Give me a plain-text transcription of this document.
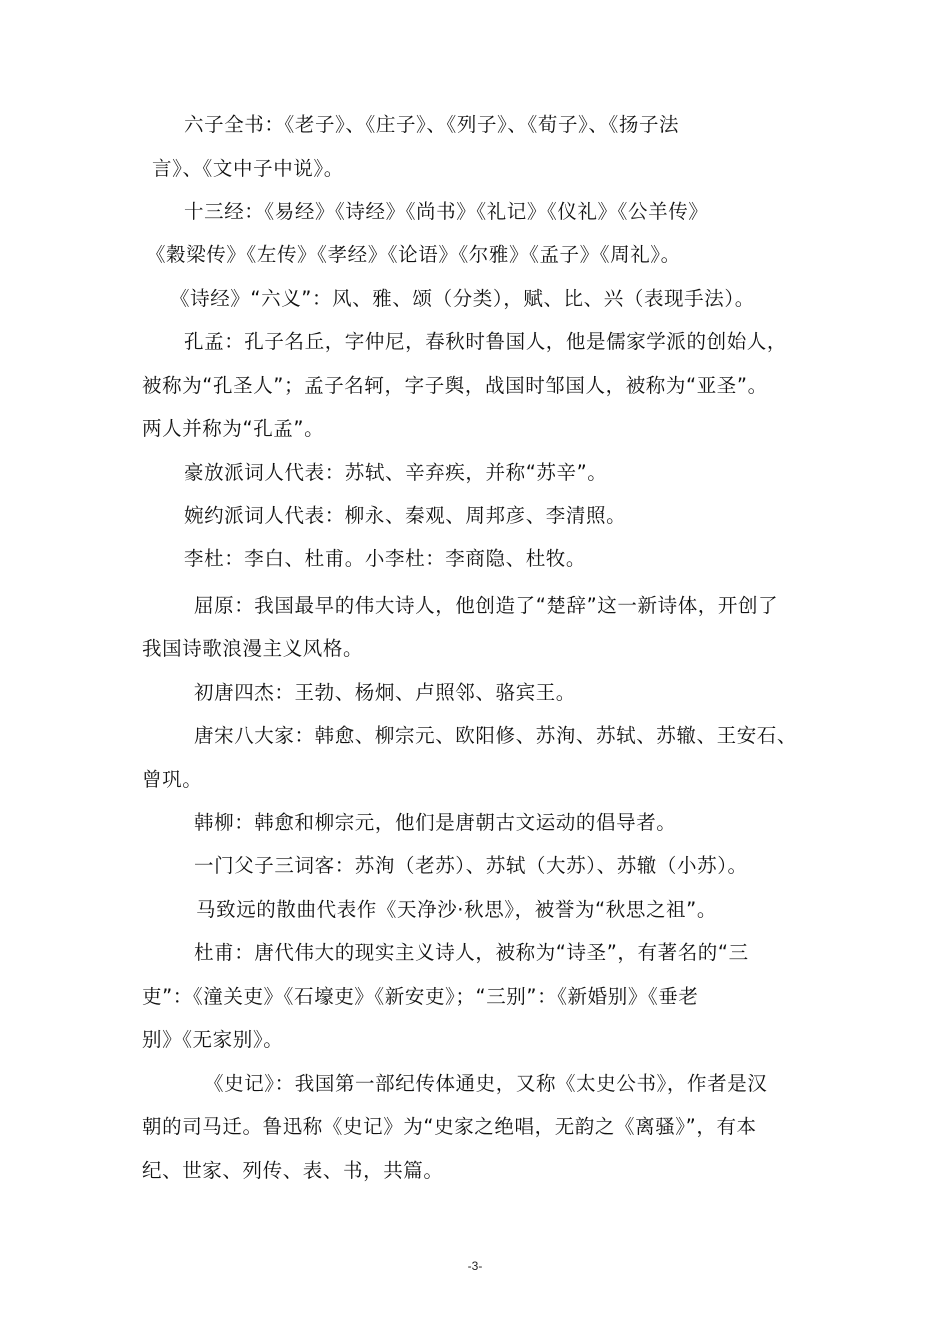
六子全书：《老子》、《庄子》、《列子》、《荀子》、《扬子法
言》、《文中子中说》。
十三经：《易经》《诗经》《尚书》《礼记》《仪礼》《公羊传》
《穀梁传》《左传》《孝经》《论语》《尔雅》《孟子》《周礼》。
《诗经》“六义”：风、雅、颂（分类），赋、比、兴（表现手法）。
孔孟：孔子名丘，字仲尼，春秋时鲁国人，他是儒家学派的创始人，
被称为“孔圣人”；孟子名轲，字子舆，战国时邹国人，被称为“亚圣”。
两人并称为“孔孟”。
豪放派词人代表：苏轼、辛弃疾，并称“苏辛”。
婉约派词人代表：柳永、秦观、周邦彦、李清照。
李杜：李白、杜甫。小李杜：李商隐、杜牧。
屈原：我国最早的伟大诗人，他创造了“楚辞”这一新诗体，开创了
我国诗歌浪漫主义风格。
初唐四杰：王勃、杨炯、卢照邻、骆宾王。
唐宋八大家：韩愈、柳宗元、欧阳修、苏洵、苏轼、苏辙、王安石、
曾巩。
韩柳：韩愈和柳宗元，他们是唐朝古文运动的倡导者。
一门父子三词客：苏洵（老苏）、苏轼（大苏）、苏辙（小苏）。
马致远的散曲代表作《天净沙·秋思》，被誉为“秋思之祖”。
杜甫：唐代伟大的现实主义诗人，被称为“诗圣”，有著名的“三
吏”：《潼关吏》《石壕吏》《新安吏》；“三别”：《新婚别》《垂老
别》《无家别》。
《史记》：我国第一部纪传体通史，又称《太史公书》，作者是汉
朝的司马迁。鲁迅称《史记》为“史家之绝唱，无韵之《离骚》”，有本
纪、世家、列传、表、书，共篇。
-3-
